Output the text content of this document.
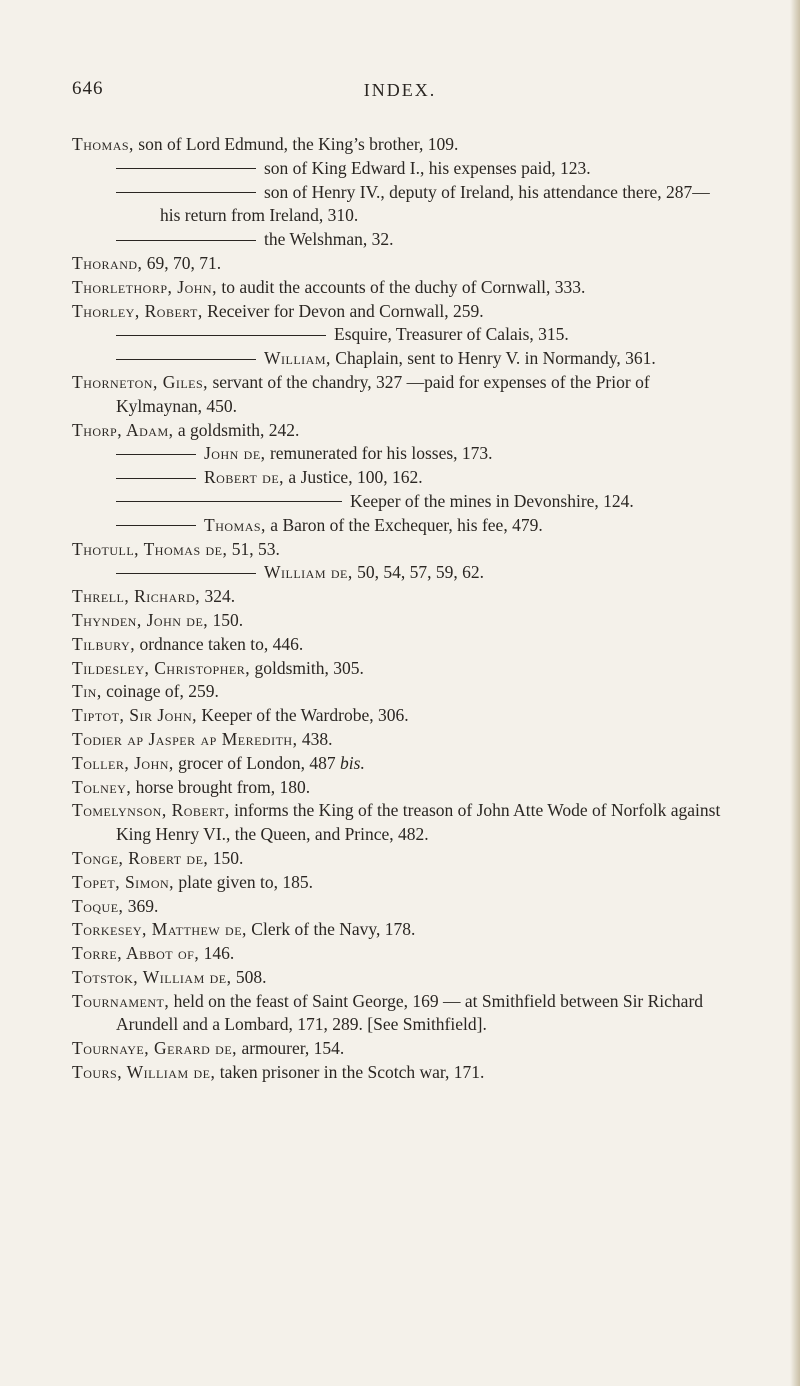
646	INDEX.
Thomas, son of Lord Edmund, the King’s brother, 109.
son of King Edward I., his expenses paid, 123.
son of Henry IV., deputy of Ireland, his attendance there, 287—his return from Ireland, 310.
the Welshman, 32.
Thorand, 69, 70, 71.
Thorlethorp, John, to audit the accounts of the duchy of Cornwall, 333.
Thorley, Robert, Receiver for Devon and Cornwall, 259.
Esquire, Treasurer of Calais, 315.
William, Chaplain, sent to Henry V. in Normandy, 361.
Thorneton, Giles, servant of the chandry, 327 —paid for expenses of the Prior of Kylmaynan, 450.
Thorp, Adam, a goldsmith, 242.
John de, remunerated for his losses, 173.
Robert de, a Justice, 100, 162.
Keeper of the mines in Devonshire, 124.
Thomas, a Baron of the Exchequer, his fee, 479.
Thotull, Thomas de, 51, 53.
William de, 50, 54, 57, 59, 62.
Threll, Richard, 324.
Thynden, John de, 150.
Tilbury, ordnance taken to, 446.
Tildesley, Christopher, goldsmith, 305.
Tin, coinage of, 259.
Tiptot, Sir John, Keeper of the Wardrobe, 306.
Todier ap Jasper ap Meredith, 438.
Toller, John, grocer of London, 487 bis.
Tolney, horse brought from, 180.
Tomelynson, Robert, informs the King of the treason of John Atte Wode of Norfolk against King Henry VI., the Queen, and Prince, 482.
Tonge, Robert de, 150.
Topet, Simon, plate given to, 185.
Toque, 369.
Torkesey, Matthew de, Clerk of the Navy, 178.
Torre, Abbot of, 146.
Totstok, William de, 508.
Tournament, held on the feast of Saint George, 169 — at Smithfield between Sir Richard Arundell and a Lombard, 171, 289. [See Smithfield].
Tournaye, Gerard de, armourer, 154.
Tours, William de, taken prisoner in the Scotch war, 171.
